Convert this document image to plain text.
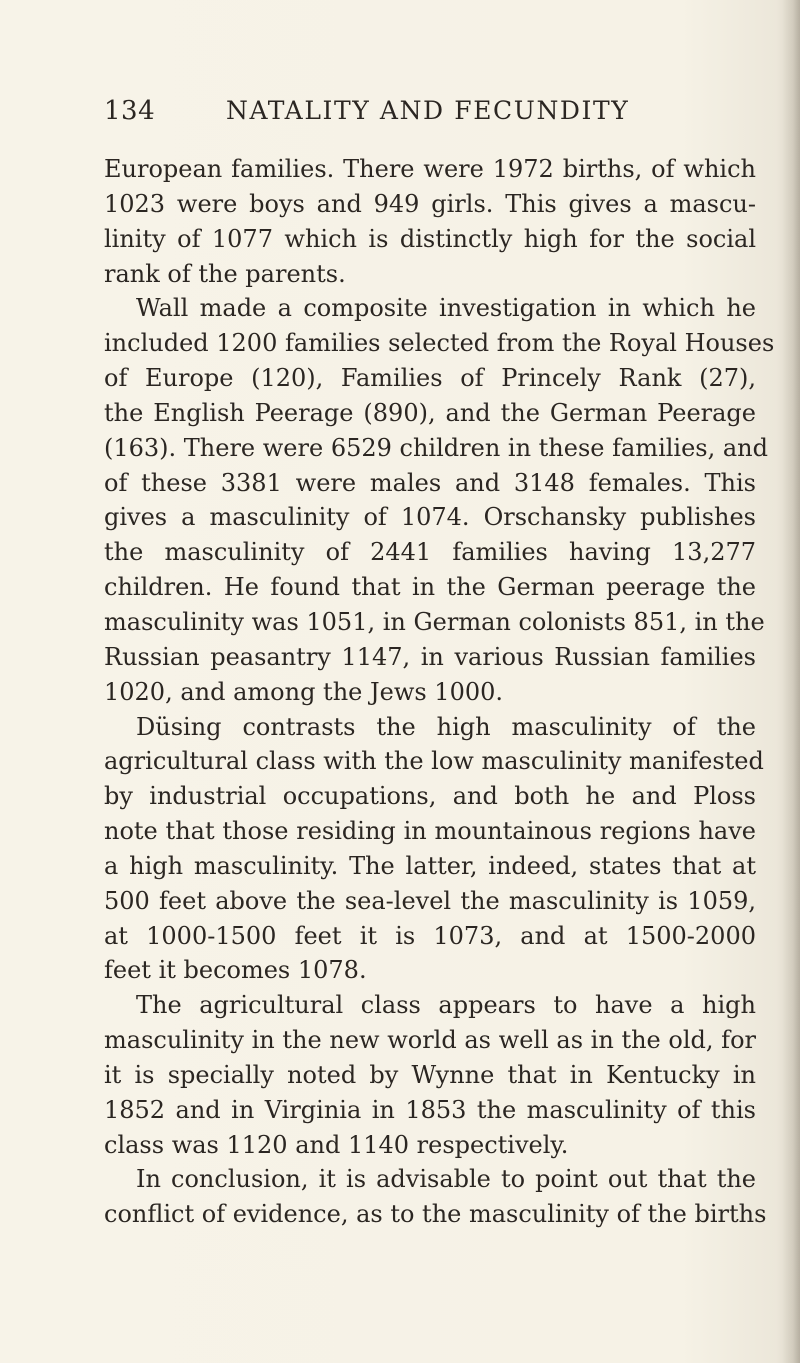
134	NATALITY AND FECUNDITY
European families. There were 1972 births, of which
1023 were boys and 949 girls. This gives a mascu-
linity of 1077 which is distinctly high for the social
rank of the parents.
Wall made a composite investigation in which he
included 1200 families selected from the Royal Houses
of Europe (120), Families of Princely Rank (27),
the English Peerage (890), and the German Peerage
(163). There were 6529 children in these families, and
of these 3381 were males and 3148 females. This
gives a masculinity of 1074. Orschansky publishes
the masculinity of 2441 families having 13,277
children. He found that in the German peerage the
masculinity was 1051, in German colonists 851, in the
Russian peasantry 1147, in various Russian families
1020, and among the Jews 1000.
Düsing contrasts the high masculinity of the
agricultural class with the low masculinity manifested
by industrial occupations, and both he and Ploss
note that those residing in mountainous regions have
a high masculinity. The latter, indeed, states that at
500 feet above the sea-level the masculinity is 1059,
at 1000-1500 feet it is 1073, and at 1500-2000
feet it becomes 1078.
The agricultural class appears to have a high
masculinity in the new world as well as in the old, for
it is specially noted by Wynne that in Kentucky in
1852 and in Virginia in 1853 the masculinity of this
class was 1120 and 1140 respectively.
In conclusion, it is advisable to point out that the
conflict of evidence, as to the masculinity of the births
